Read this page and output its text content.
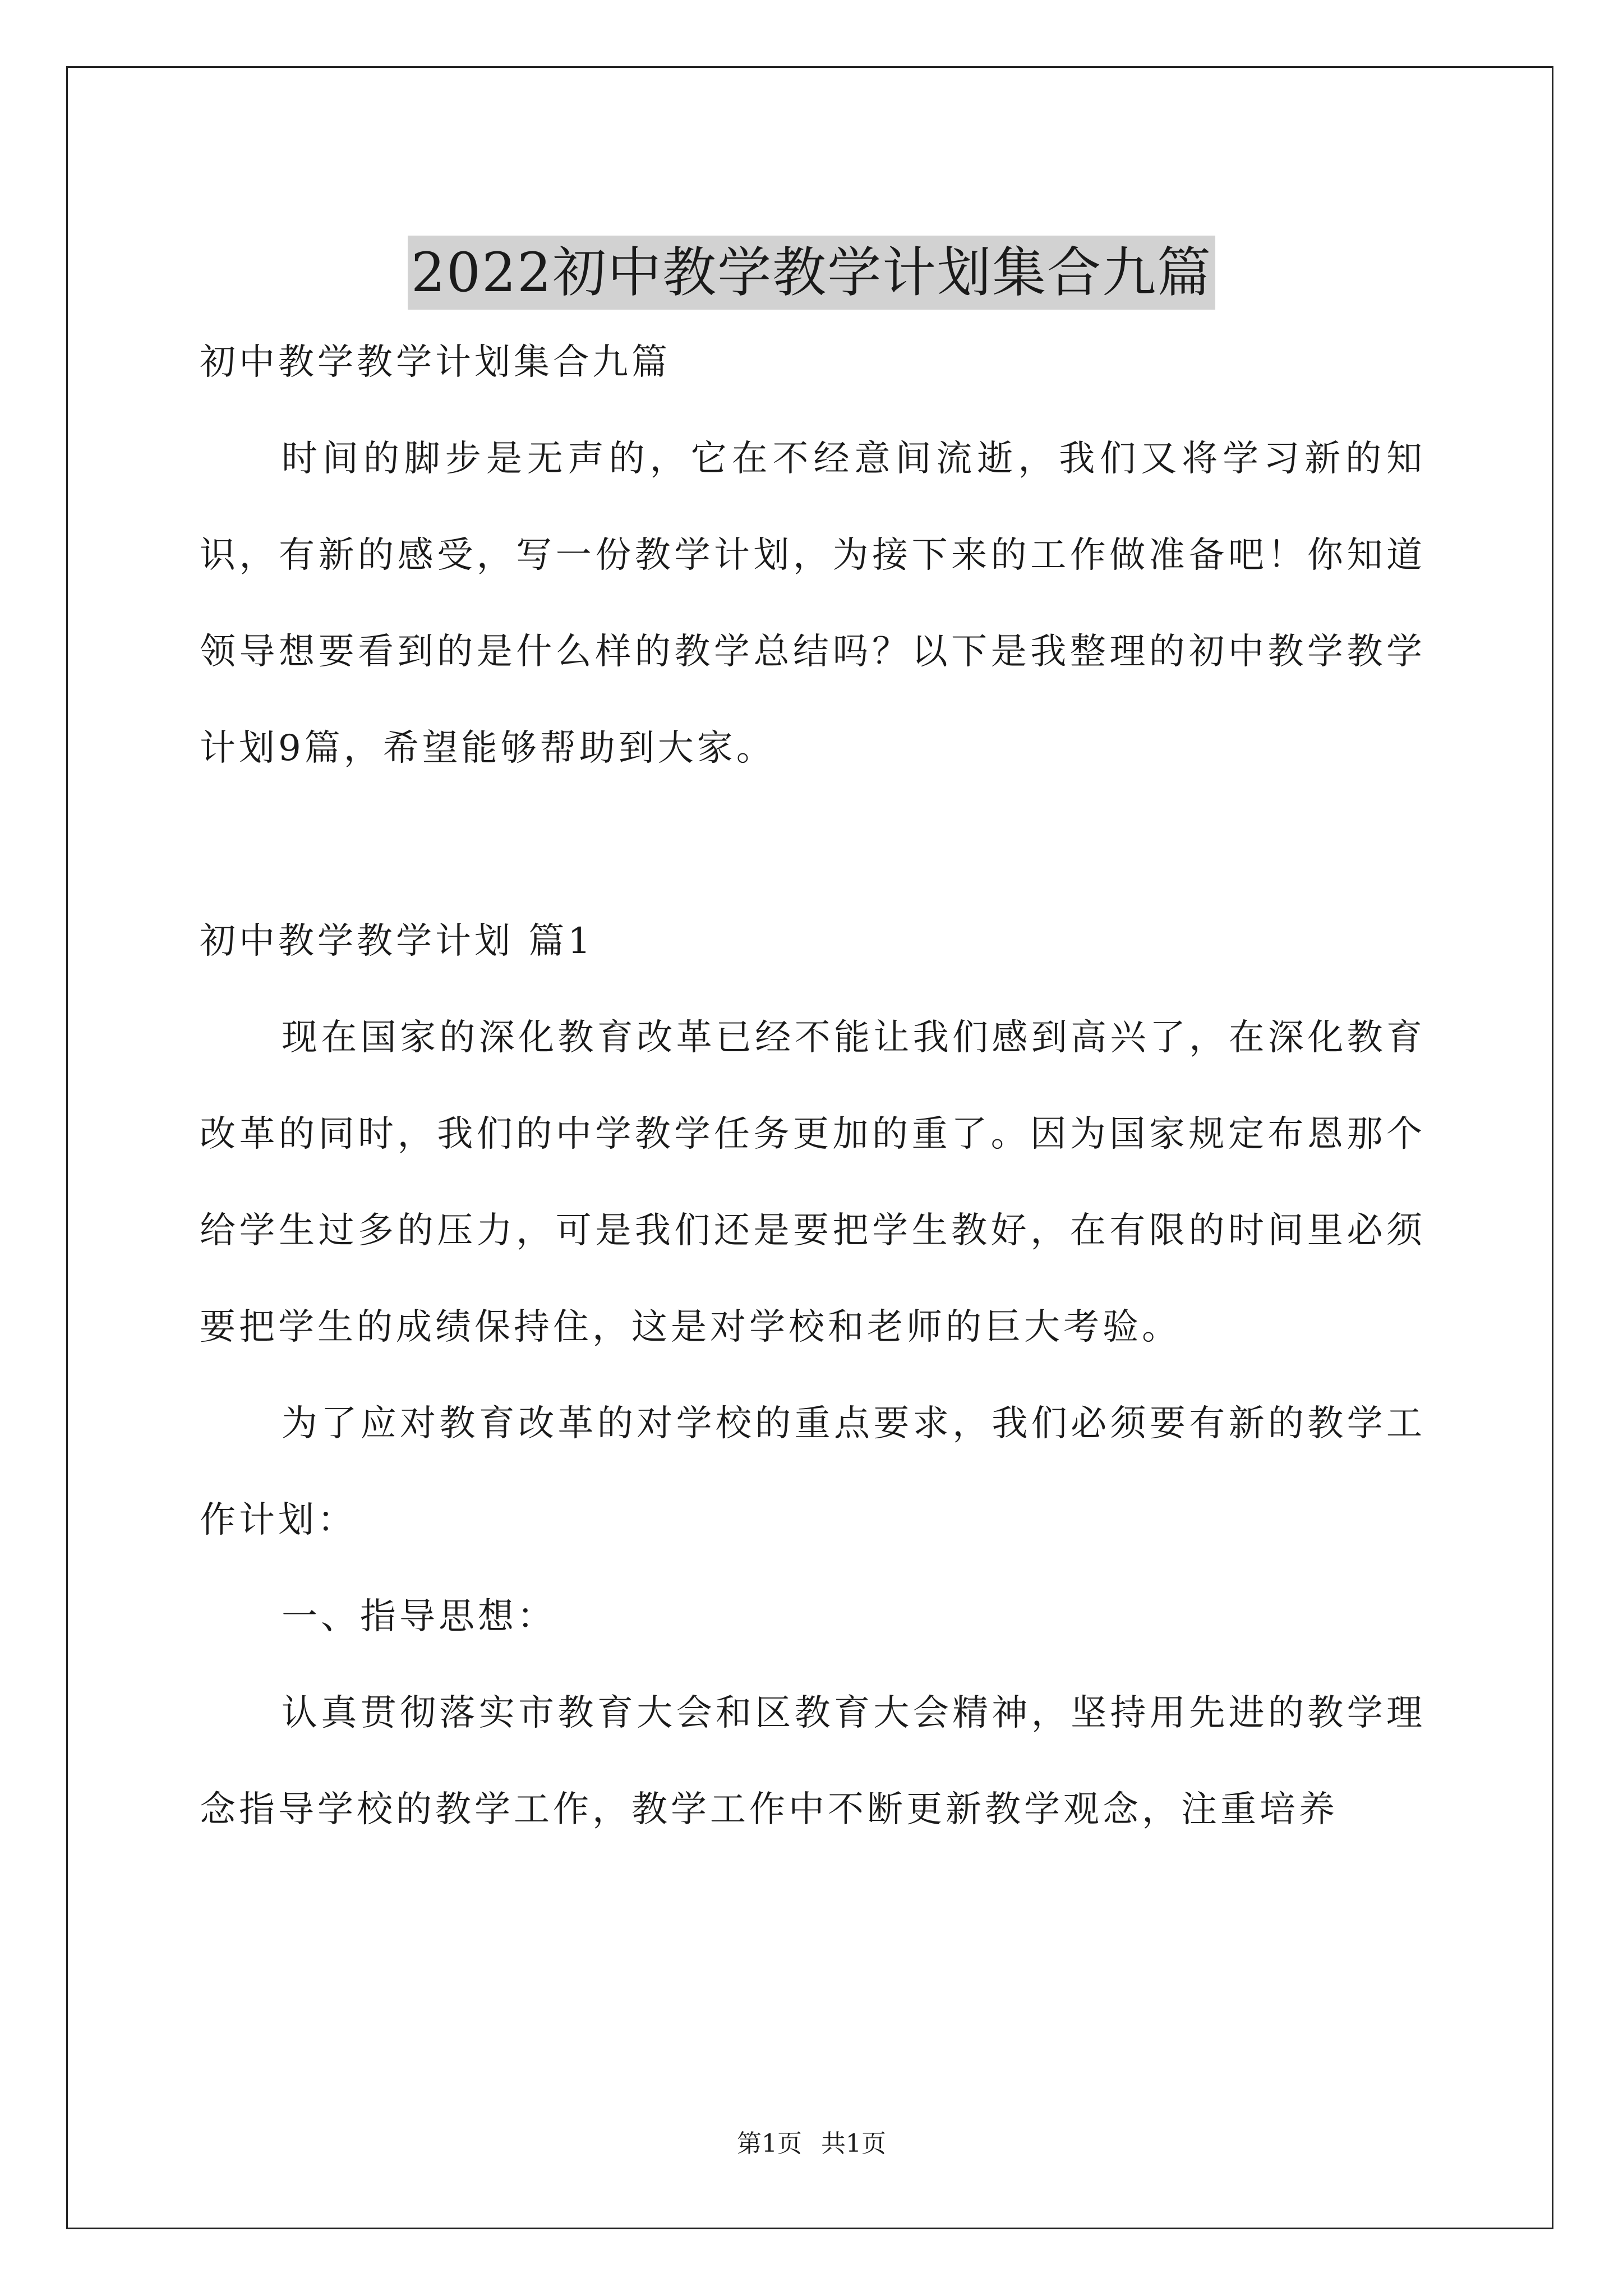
2022初中教学教学计划集合九篇

初中教学教学计划集合九篇

时间的脚步是无声的，它在不经意间流逝，我们又将学习新的知识，有新的感受，写一份教学计划，为接下来的工作做准备吧！你知道领导想要看到的是什么样的教学总结吗？以下是我整理的初中教学教学计划9篇，希望能够帮助到大家。

初中教学教学计划 篇1

现在国家的深化教育改革已经不能让我们感到高兴了，在深化教育改革的同时，我们的中学教学任务更加的重了。因为国家规定布恩那个给学生过多的压力，可是我们还是要把学生教好，在有限的时间里必须要把学生的成绩保持住，这是对学校和老师的巨大考验。

为了应对教育改革的对学校的重点要求，我们必须要有新的教学工作计划：

一、指导思想：

认真贯彻落实市教育大会和区教育大会精神，坚持用先进的教学理念指导学校的教学工作，教学工作中不断更新教学观念，注重培养

第1页 共1页
